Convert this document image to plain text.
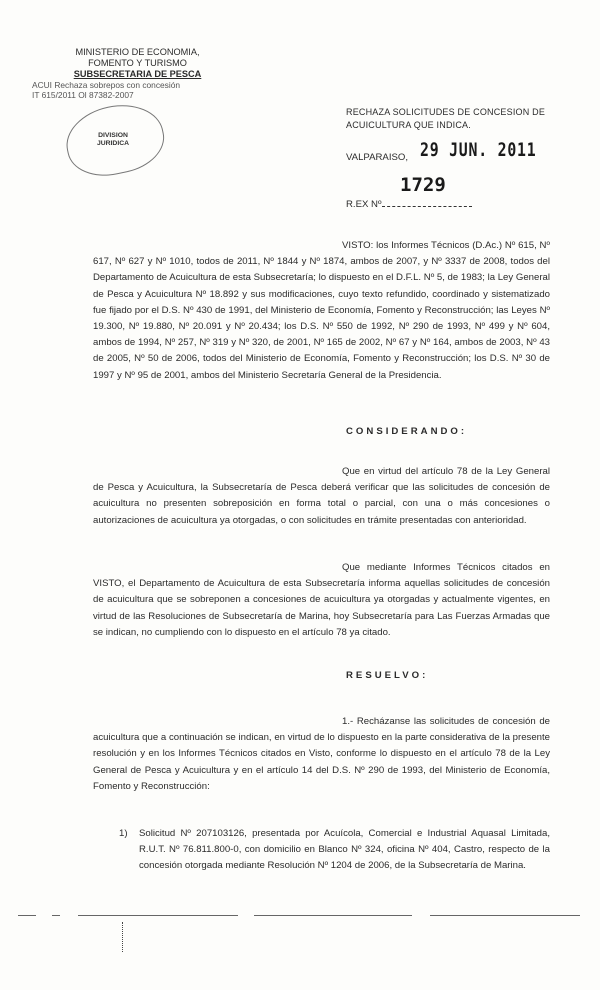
MINISTERIO DE ECONOMIA,
FOMENTO Y TURISMO
SUBSECRETARIA DE PESCA
ACUI Rechaza sobrepos con concesión
IT 615/2011 Ol 87382-2007
DIVISION
JURIDICA
RECHAZA SOLICITUDES DE CONCESION DE ACUICULTURA QUE INDICA.
VALPARAISO, 29 JUN. 2011
1729
R.EX Nº
VISTO: los Informes Técnicos (D.Ac.) Nº 615, Nº 617, Nº 627 y Nº 1010, todos de 2011, Nº 1844 y Nº 1874, ambos de 2007, y Nº 3337 de 2008, todos del Departamento de Acuicultura de esta Subsecretaría; lo dispuesto en el D.F.L. Nº 5, de 1983; la Ley General de Pesca y Acuicultura Nº 18.892 y sus modificaciones, cuyo texto refundido, coordinado y sistematizado fue fijado por el D.S. Nº 430 de 1991, del Ministerio de Economía, Fomento y Reconstrucción; las Leyes Nº 19.300, Nº 19.880, Nº 20.091 y Nº 20.434; los D.S. Nº 550 de 1992, Nº 290 de 1993, Nº 499 y Nº 604, ambos de 1994, Nº 257, Nº 319 y Nº 320, de 2001, Nº 165 de 2002, Nº 67 y Nº 164, ambos de 2003, Nº 43 de 2005, Nº 50 de 2006, todos del Ministerio de Economía, Fomento y Reconstrucción; los D.S. Nº 30 de 1997 y Nº 95 de 2001, ambos del Ministerio Secretaría General de la Presidencia.
CONSIDERANDO:
Que en virtud del artículo 78 de la Ley General de Pesca y Acuicultura, la Subsecretaría de Pesca deberá verificar que las solicitudes de concesión de acuicultura no presenten sobreposición en forma total o parcial, con una o más concesiones o autorizaciones de acuicultura ya otorgadas, o con solicitudes en trámite presentadas con anterioridad.
Que mediante Informes Técnicos citados en VISTO, el Departamento de Acuicultura de esta Subsecretaría informa aquellas solicitudes de concesión de acuicultura que se sobreponen a concesiones de acuicultura ya otorgadas y actualmente vigentes, en virtud de las Resoluciones de Subsecretaría de Marina, hoy Subsecretaría para Las Fuerzas Armadas que se indican, no cumpliendo con lo dispuesto en el artículo 78 ya citado.
RESUELVO:
1.- Recházanse las solicitudes de concesión de acuicultura que a continuación se indican, en virtud de lo dispuesto en la parte considerativa de la presente resolución y en los Informes Técnicos citados en Visto, conforme lo dispuesto en el artículo 78 de la Ley General de Pesca y Acuicultura y en el artículo 14 del D.S. Nº 290 de 1993, del Ministerio de Economía, Fomento y Reconstrucción:
1) Solicitud Nº 207103126, presentada por Acuícola, Comercial e Industrial Aquasal Limitada, R.U.T. Nº 76.811.800-0, con domicilio en Blanco Nº 324, oficina Nº 404, Castro, respecto de la concesión otorgada mediante Resolución Nº 1204 de 2006, de la Subsecretaría de Marina.
